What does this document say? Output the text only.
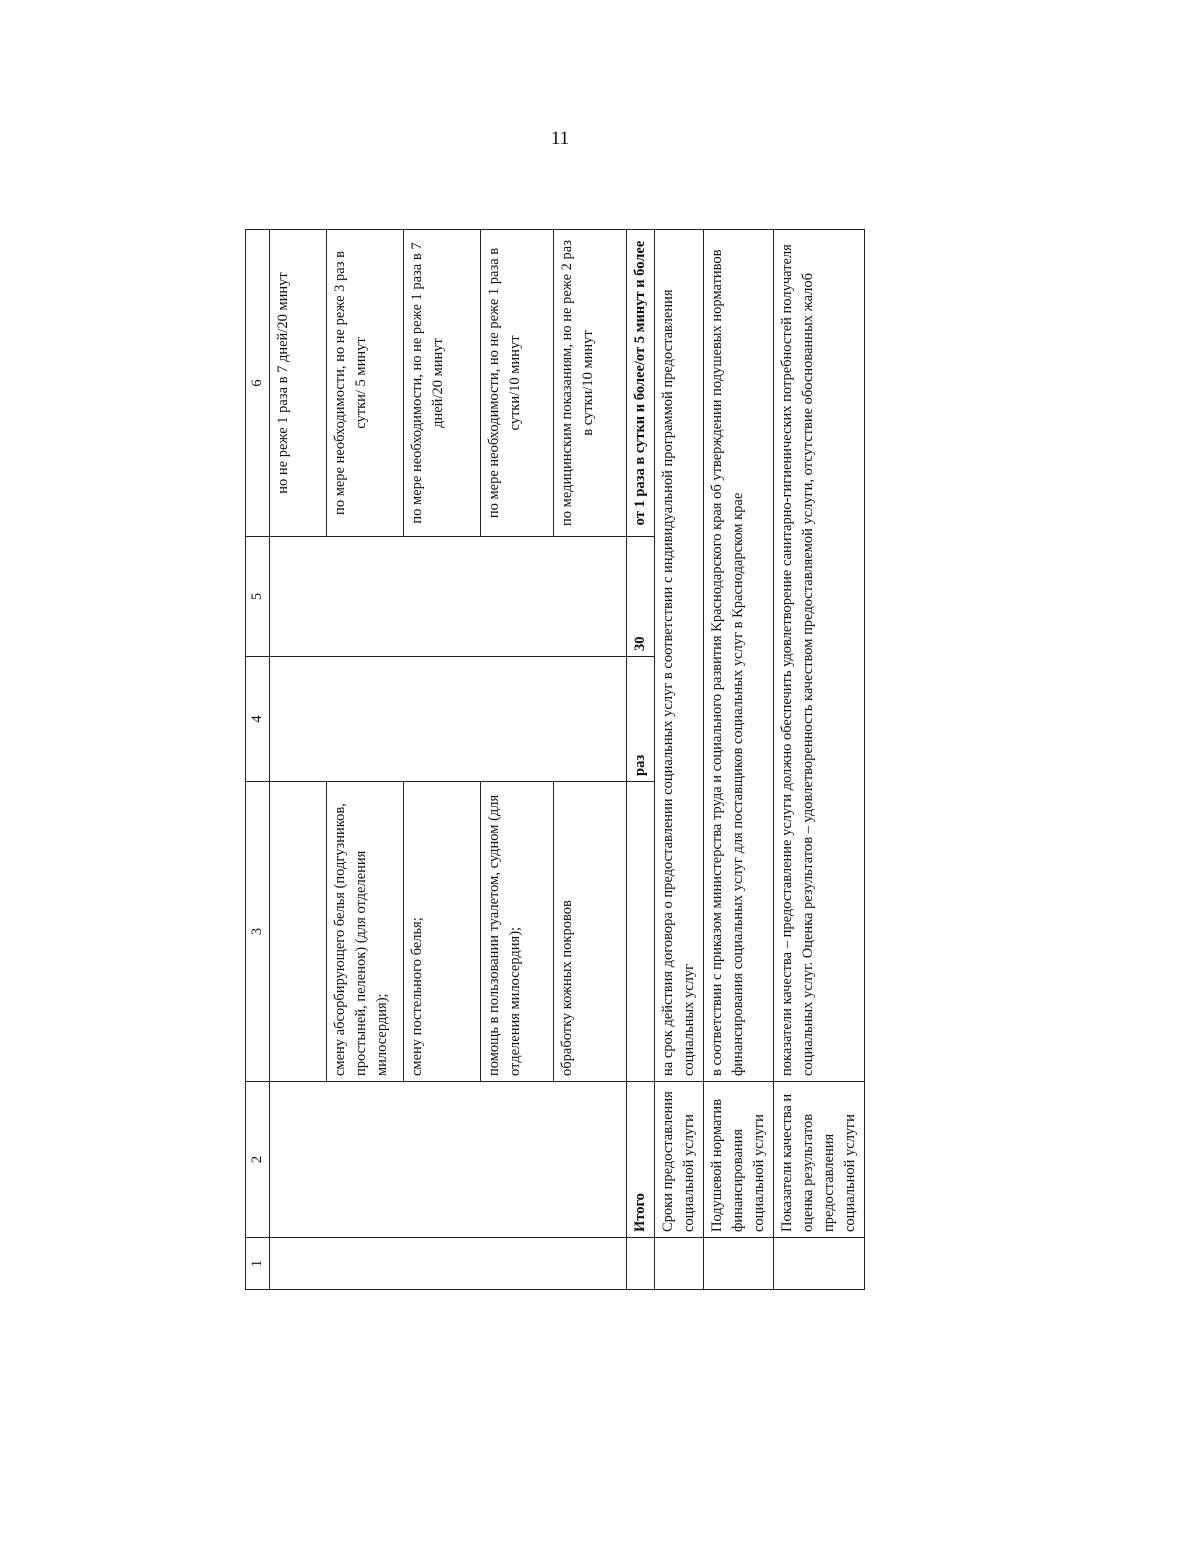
11
1	2	3	4	5	6
					но не реже 1 раза в 7 дней/20 минут
		смену абсорбирующего белья (подгузников, простыней, пеленок) (для отделения милосердия);			по мере необходимости, но не реже 3 раз в сутки/ 5 минут
		смену постельного белья;			по мере необходимости, но не реже 1 раза в 7 дней/20 минут
		помощь в пользовании туалетом, судном (для отделения милосердия);			по мере необходимости, но не реже 1 раза в сутки/10 минут
		обработку кожных покровов			по медицинским показаниям, но не реже 2 раз в сутки/10 минут
	Итого		раз	30	от 1 раза в сутки и более/от 5 минут и более
	Сроки предоставления социальной услуги	на срок действия договора о предоставлении социальных услуг в соответствии с индивидуальной программой предоставления социальных услуг			
	Подушевой норматив финансирования социальной услуги	в соответствии с приказом министерства труда и социального развития Краснодарского края об утверждении подушевых нормативов финансирования социальных услуг для поставщиков социальных услуг в Краснодарском крае			
	Показатели качества и оценка результатов предоставления социальной услуги	показатели качества – предоставление услуги должно обеспечить удовлетворение санитарно-гигиенических потребностей получателя социальных услуг. Оценка результатов – удовлетворенность качеством предоставляемой услуги, отсутствие обоснованных жалоб			
